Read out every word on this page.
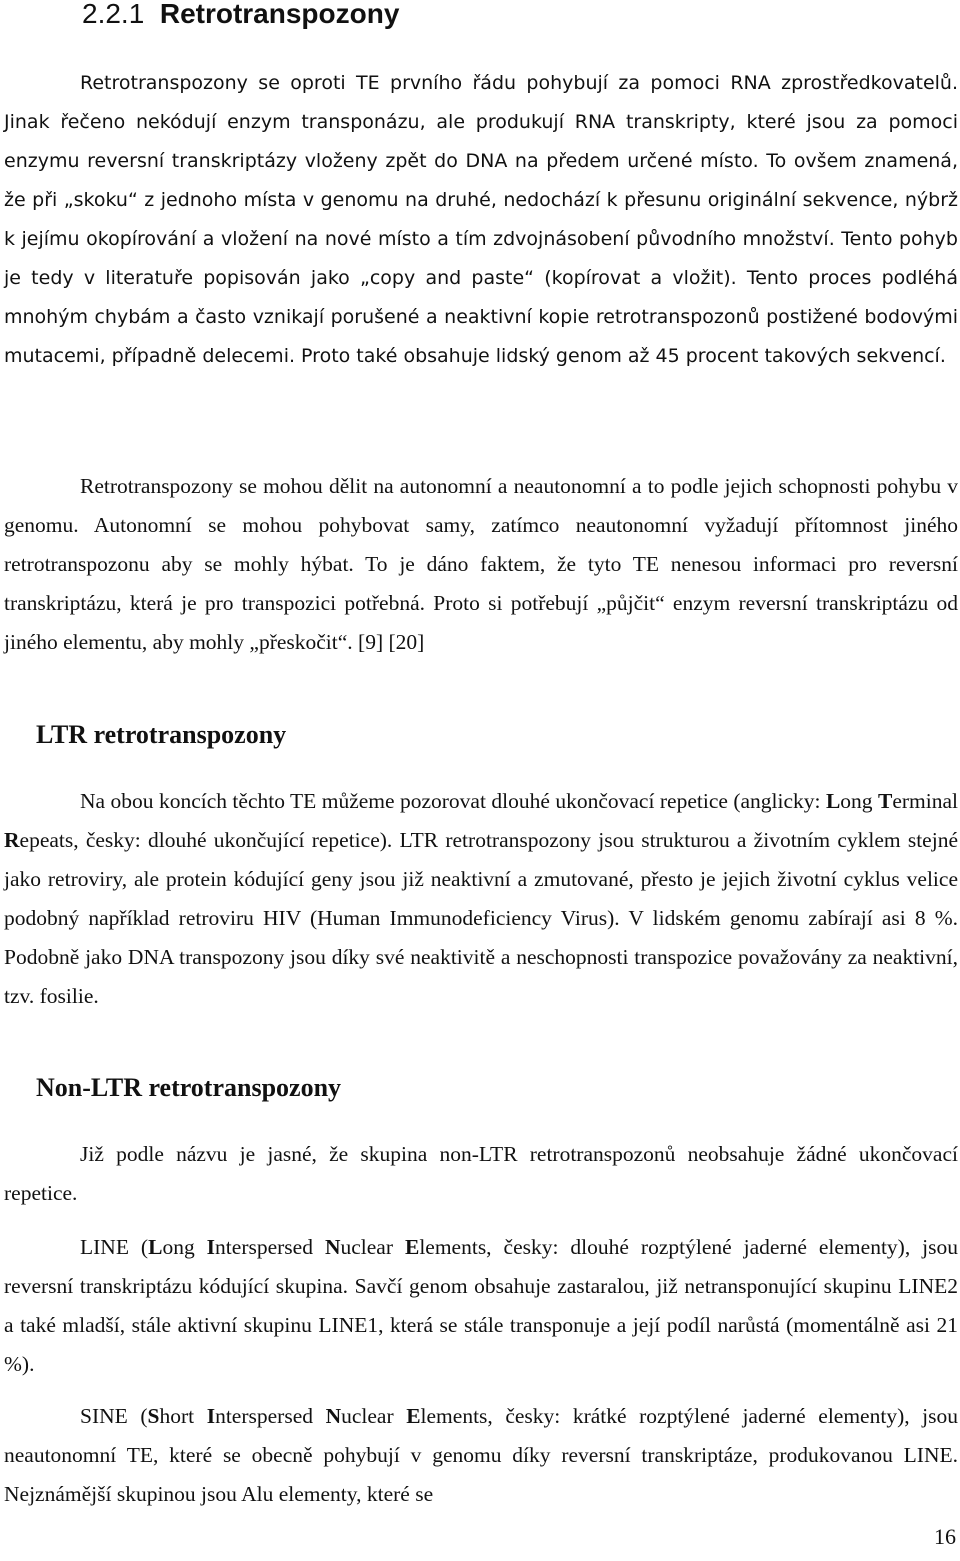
2.2.1 Retrotranspozony

Retrotranspozony se oproti TE prvního řádu pohybují za pomoci RNA zprostředkovatelů. Jinak řečeno nekódují enzym transponázu, ale produkují RNA transkripty, které jsou za pomoci enzymu reversní transkriptázy vloženy zpět do DNA na předem určené místo. To ovšem znamená, že při „skoku“ z jednoho místa v genomu na druhé, nedochází k přesunu originální sekvence, nýbrž k jejímu okopírování a vložení na nové místo a tím zdvojnásobení původního množství. Tento pohyb je tedy v literatuře popisován jako „copy and paste“ (kopírovat a vložit). Tento proces podléhá mnohým chybám a často vznikají porušené a neaktivní kopie retrotranspozonů postižené bodovými mutacemi, případně delecemi. Proto také obsahuje lidský genom až 45 procent takových sekvencí.

Retrotranspozony se mohou dělit na autonomní a neautonomní a to podle jejich schopnosti pohybu v genomu. Autonomní se mohou pohybovat samy, zatímco neautonomní vyžadují přítomnost jiného retrotranspozonu aby se mohly hýbat. To je dáno faktem, že tyto TE nenesou informaci pro reversní transkriptázu, která je pro transpozici potřebná. Proto si potřebují „půjčit“ enzym reversní transkriptázu od jiného elementu, aby mohly „přeskočit“. [9] [20]

LTR retrotranspozony

Na obou koncích těchto TE můžeme pozorovat dlouhé ukončovací repetice (anglicky: Long Terminal Repeats, česky: dlouhé ukončující repetice). LTR retrotranspozony jsou strukturou a životním cyklem stejné jako retroviry, ale protein kódující geny jsou již neaktivní a zmutované, přesto je jejich životní cyklus velice podobný například retroviru HIV (Human Immunodeficiency Virus). V lidském genomu zabírají asi 8 %. Podobně jako DNA transpozony jsou díky své neaktivitě a neschopnosti transpozice považovány za neaktivní, tzv. fosilie.

Non-LTR retrotranspozony

Již podle názvu je jasné, že skupina non-LTR retrotranspozonů neobsahuje žádné ukončovací repetice.

LINE (Long Interspersed Nuclear Elements, česky: dlouhé rozptýlené jaderné elementy), jsou reversní transkriptázu kódující skupina. Savčí genom obsahuje zastaralou, již netransponující skupinu LINE2 a také mladší, stále aktivní skupinu LINE1, která se stále transponuje a její podíl narůstá (momentálně asi 21 %).

SINE (Short Interspersed Nuclear Elements, česky: krátké rozptýlené jaderné elementy), jsou neautonomní TE, které se obecně pohybují v genomu díky reversní transkriptáze, produkovanou LINE. Nejznámější skupinou jsou Alu elementy, které se

16
